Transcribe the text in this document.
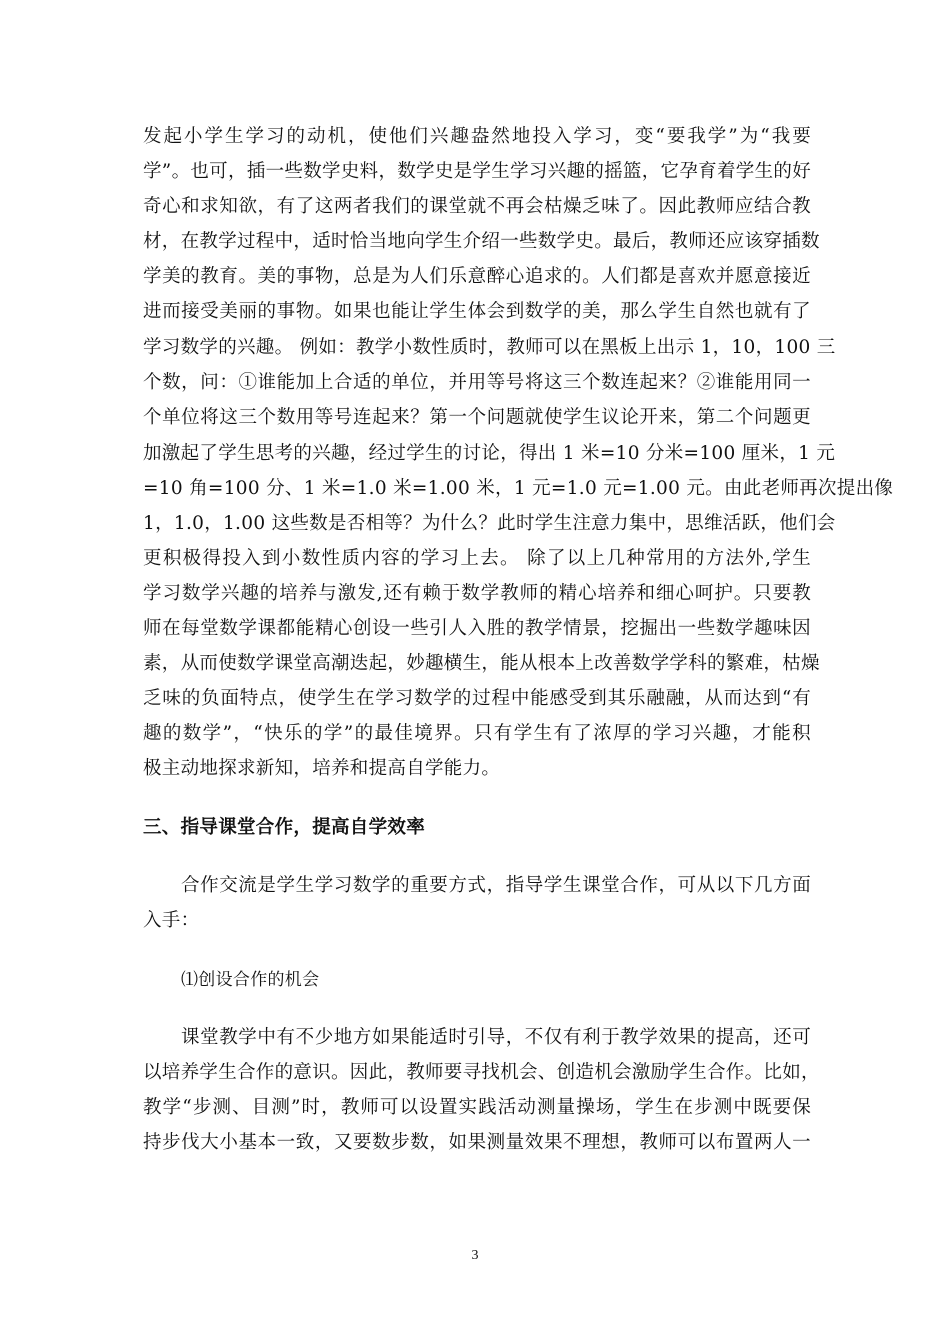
发起小学生学习的动机，使他们兴趣盎然地投入学习，变“要我学”为“我要
学”。也可，插一些数学史料，数学史是学生学习兴趣的摇篮，它孕育着学生的好
奇心和求知欲，有了这两者我们的课堂就不再会枯燥乏味了。因此教师应结合教
材，在教学过程中，适时恰当地向学生介绍一些数学史。最后，教师还应该穿插数
学美的教育。美的事物，总是为人们乐意醉心追求的。人们都是喜欢并愿意接近
进而接受美丽的事物。如果也能让学生体会到数学的美，那么学生自然也就有了
学习数学的兴趣。 例如：教学小数性质时，教师可以在黑板上出示 1，10，100 三
个数，问：①谁能加上合适的单位，并用等号将这三个数连起来？②谁能用同一
个单位将这三个数用等号连起来？第一个问题就使学生议论开来，第二个问题更
加激起了学生思考的兴趣，经过学生的讨论，得出 1 米=10 分米=100 厘米，1 元
=10 角=100 分、1 米=1.0 米=1.00 米，1 元=1.0 元=1.00 元。由此老师再次提出像
1，1.0，1.00 这些数是否相等？为什么？此时学生注意力集中，思维活跃，他们会
更积极得投入到小数性质内容的学习上去。 除了以上几种常用的方法外,学生
学习数学兴趣的培养与激发,还有赖于数学教师的精心培养和细心呵护。只要教
师在每堂数学课都能精心创设一些引人入胜的教学情景，挖掘出一些数学趣味因
素，从而使数学课堂高潮迭起，妙趣横生，能从根本上改善数学学科的繁难，枯燥
乏味的负面特点，使学生在学习数学的过程中能感受到其乐融融，从而达到“有
趣的数学”，“快乐的学”的最佳境界。只有学生有了浓厚的学习兴趣，才能积
极主动地探求新知，培养和提高自学能力。
三、指导课堂合作，提高自学效率
合作交流是学生学习数学的重要方式，指导学生课堂合作，可从以下几方面
入手：
⑴创设合作的机会
课堂教学中有不少地方如果能适时引导，不仅有利于教学效果的提高，还可
以培养学生合作的意识。因此，教师要寻找机会、创造机会激励学生合作。比如，
教学“步测、目测”时，教师可以设置实践活动测量操场，学生在步测中既要保
持步伐大小基本一致，又要数步数，如果测量效果不理想，教师可以布置两人一
3
